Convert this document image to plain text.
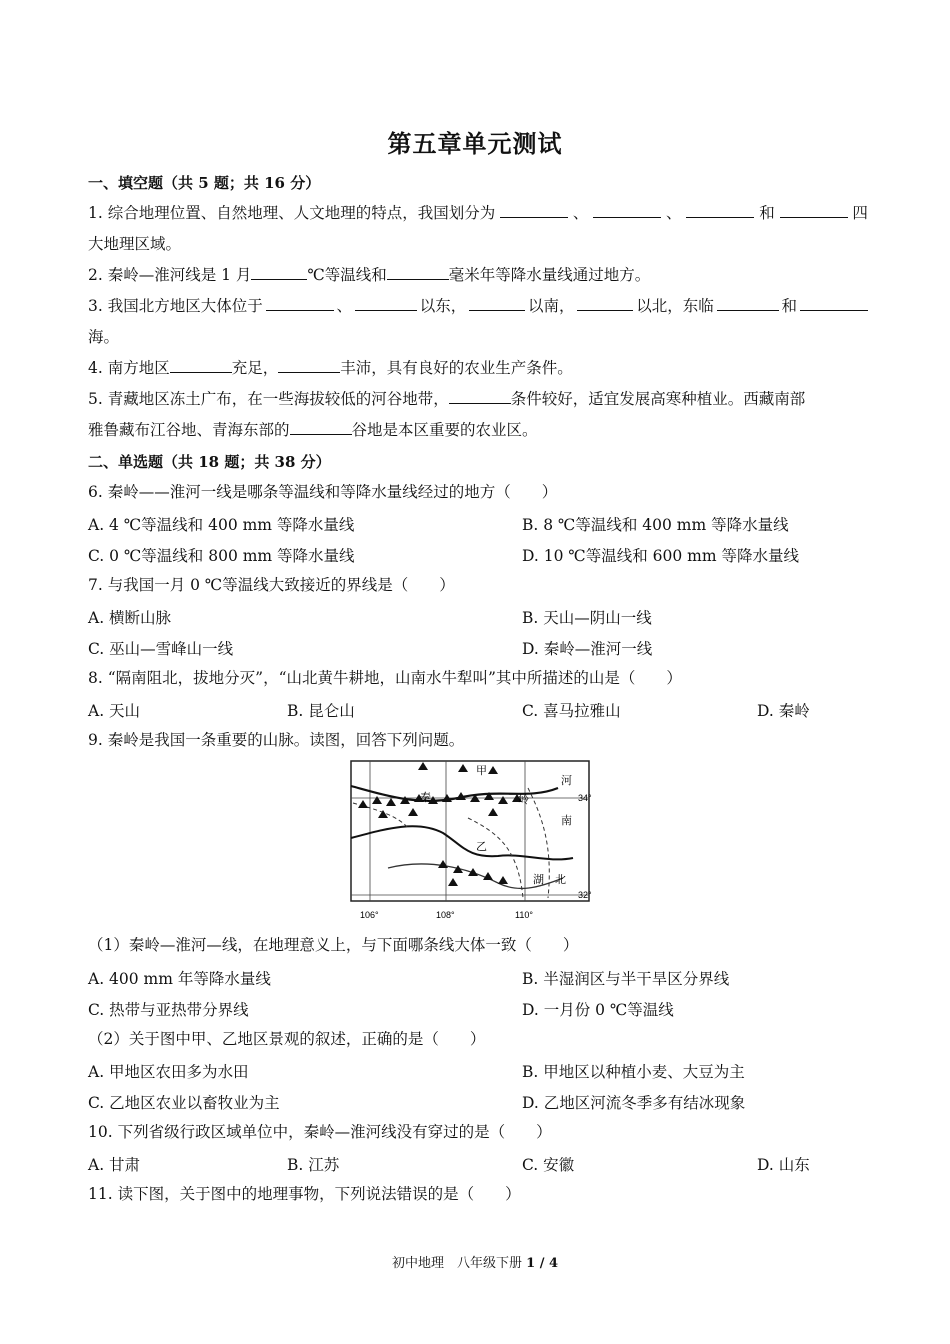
第五章单元测试
一、填空题（共 5 题；共 16 分）
1. 综合地理位置、自然地理、人文地理的特点，我国划分为	、	、	和	四
大地理区域。
2. 秦岭—淮河线是 1 月	℃等温线和	毫米年等降水量线通过地方。
3. 我国北方地区大体位于	、	以东，	以南，	以北，东临	和
海。
4. 南方地区	充足，	丰沛，具有良好的农业生产条件。
5. 青藏地区冻土广布，在一些海拔较低的河谷地带，	条件较好，适宜发展高寒种植业。西藏南部
雅鲁藏布江谷地、青海东部的	谷地是本区重要的农业区。
二、单选题（共 18 题；共 38 分）
6. 秦岭——淮河一线是哪条等温线和等降水量线经过的地方（　　）
A. 4 ℃等温线和 400 mm 等降水量线	B. 8 ℃等温线和 400 mm 等降水量线
C. 0 ℃等温线和 800 mm 等降水量线	D. 10 ℃等温线和 600 mm 等降水量线
7. 与我国一月 0 ℃等温线大致接近的界线是（　　）
A. 横断山脉	B. 天山—阴山一线
C. 巫山—雪峰山一线	D. 秦岭—淮河一线
8. “隔南阻北，拔地分灭”，“山北黄牛耕地，山南水牛犁叫”其中所描述的山是（　　）
A. 天山	B. 昆仑山	C. 喜马拉雅山	D. 秦岭
9. 秦岭是我国一条重要的山脉。读图，回答下列问题。
甲
河
秦	岭
南
乙
湖 北
34°
32°
106°	108°	110°
（1）秦岭—淮河—线，在地理意义上，与下面哪条线大体一致（　　）
A. 400 mm 年等降水量线	B. 半湿润区与半干旱区分界线
C. 热带与亚热带分界线	D. 一月份 0 ℃等温线
（2）关于图中甲、乙地区景观的叙述，正确的是（　　）
A. 甲地区农田多为水田	B. 甲地区以种植小麦、大豆为主
C. 乙地区农业以畜牧业为主	D. 乙地区河流冬季多有结冰现象
10. 下列省级行政区域单位中，秦岭—淮河线没有穿过的是（　　）
A. 甘肃	B. 江苏	C. 安徽	D. 山东
11. 读下图，关于图中的地理事物，下列说法错误的是（　　）
初中地理　八年级下册 1 / 4
